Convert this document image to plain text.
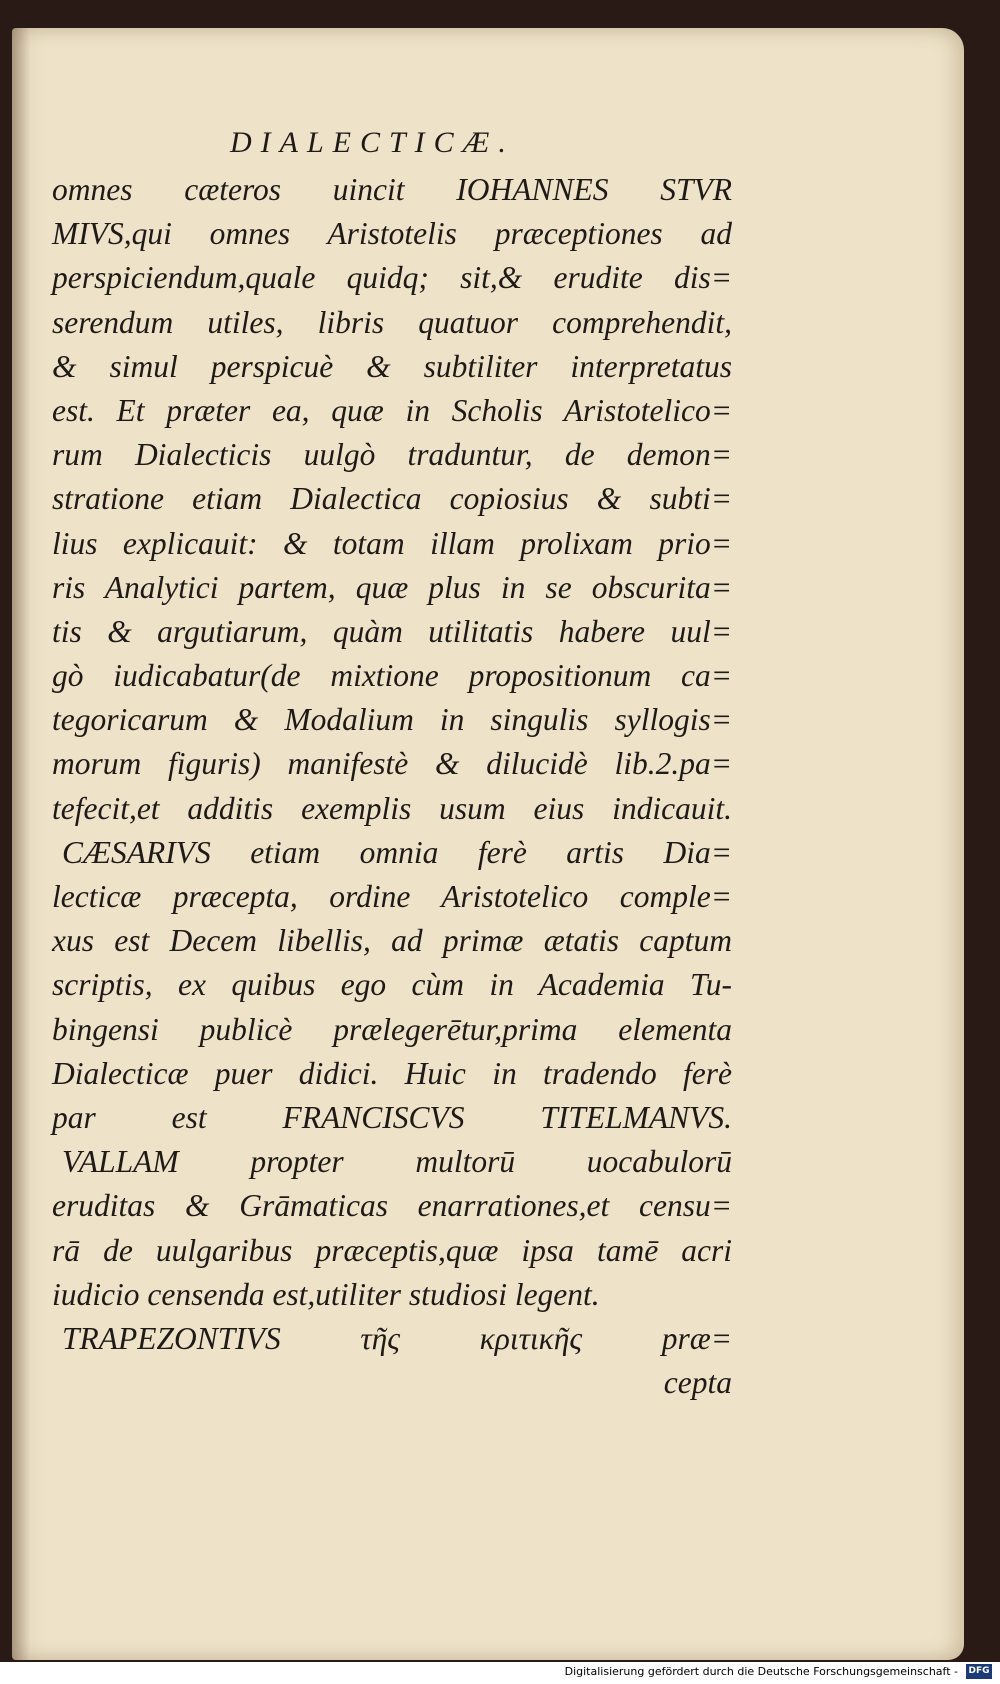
DIALECTICÆ.
omnes cæteros uincit IOHANNES STVR
MIVS,qui omnes Aristotelis præceptiones ad
perspiciendum,quale quidq; sit,& erudite dis=
serendum utiles, libris quatuor comprehendit,
& simul perspicuè & subtiliter interpretatus
est. Et præter ea, quæ in Scholis Aristotelico=
rum Dialecticis uulgò traduntur, de demon=
stratione etiam Dialectica copiosius & subti=
lius explicauit: & totam illam prolixam prio=
ris Analytici partem, quæ plus in se obscurita=
tis & argutiarum, quàm utilitatis habere uul=
gò iudicabatur(de mixtione propositionum ca=
tegoricarum & Modalium in singulis syllogis=
morum figuris) manifestè & dilucidè lib.2.pa=
tefecit,et additis exemplis usum eius indicauit.
CÆSARIVS etiam omnia ferè artis Dia=
lecticæ præcepta, ordine Aristotelico comple=
xus est Decem libellis, ad primæ ætatis captum
scriptis, ex quibus ego cùm in Academia Tu-
bingensi publicè prælegerētur,prima elementa
Dialecticæ puer didici. Huic in tradendo ferè
par est FRANCISCVS TITELMANVS.
VALLAM propter multorū uocabulorū
eruditas & Grāmaticas enarrationes,et censu=
rā de uulgaribus præceptis,quæ ipsa tamē acri
iudicio censenda est,utiliter studiosi legent.
TRAPEZONTIVS τῆς κριτικῆς præ=
cepta
Digitalisierung gefördert durch die Deutsche Forschungsgemeinschaft - DFG
